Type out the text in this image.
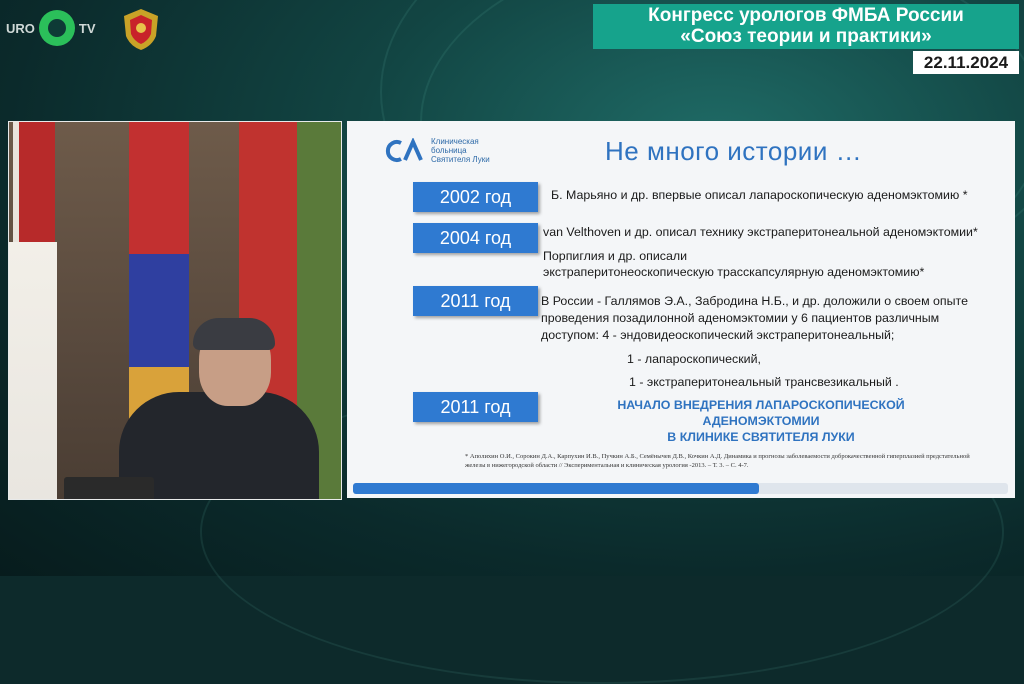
URO	TV
Конгресс урологов ФМБА России
«Союз теории и практики»
22.11.2024
Клиническая
больница
Святителя Луки	Не много истории …
2002 год	Б. Марьяно и др. впервые описал лапароскопическую аденомэктомию *
2004 год	van Velthoven и др. описал технику экстраперитонеальной аденомэктомии*
Порпиглия и др. описали
экстраперитонеоскопическую трасcкапсулярную аденомэктомию*
2011 год	В России - Галлямов Э.А., Забродина Н.Б., и др. доложили о своем опыте
проведения позадилонной аденомэктомии у 6 пациентов различным
доступом: 4 - эндовидеоскопический экстраперитонеальный;
1 - лапароскопический,
1 - экстраперитонеальный трансвезикальный .
2011 год	НАЧАЛО ВНЕДРЕНИЯ ЛАПАРОСКОПИЧЕСКОЙ АДЕНОМЭКТОМИИ
В КЛИНИКЕ СВЯТИТЕЛЯ ЛУКИ
* Аполихин О.И., Сорокин Д.А., Карпухин И.В., Пучкин А.Б., Семёнычев Д.В., Кочкин А.Д. Динамика и прогнозы заболеваемости доброкачественной гиперплазией предстательной железы в нижегородской области // Экспериментальная и клиническая урология -2013. – Т. 3. – С. 4-7.
